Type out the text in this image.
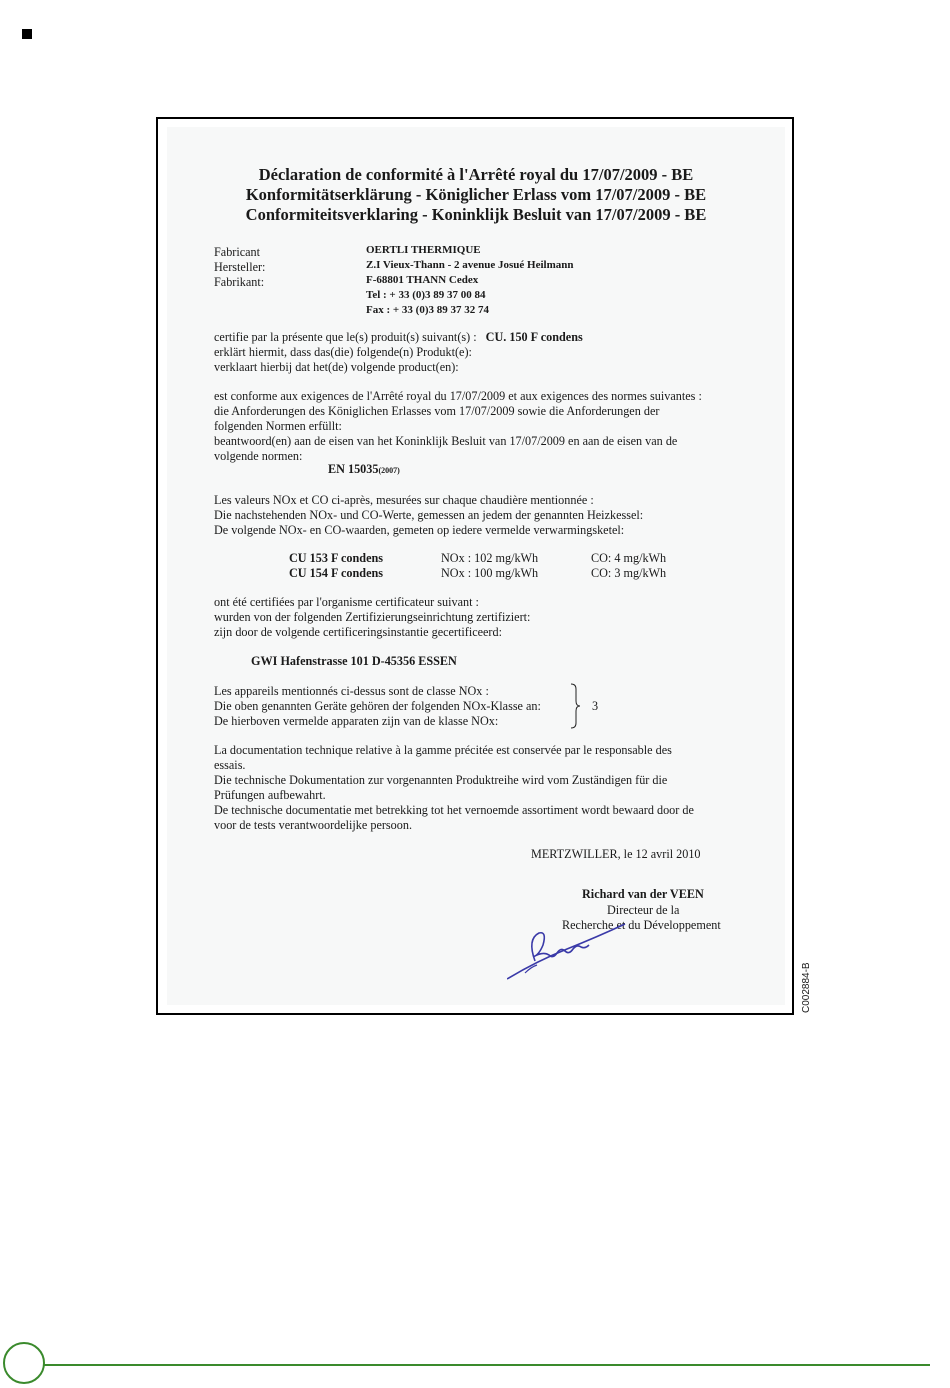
Déclaration de conformité à l'Arrêté royal du 17/07/2009 - BE
Konformitätserklärung - Königlicher Erlass vom 17/07/2009 - BE
Conformiteitsverklaring - Koninklijk Besluit van 17/07/2009 - BE
Fabricant
Hersteller:
Fabrikant:
OERTLI THERMIQUE
Z.I Vieux-Thann - 2 avenue Josué Heilmann
F-68801 THANN Cedex
Tel : + 33 (0)3 89 37 00 84
Fax : + 33 (0)3 89 37 32 74
certifie par la présente que le(s) produit(s) suivant(s) : CU. 150 F condens
erklärt hiermit, dass das(die) folgende(n) Produkt(e):
verklaart hierbij dat het(de) volgende product(en):
est conforme aux exigences de l'Arrêté royal du 17/07/2009 et aux exigences des normes suivantes :
die Anforderungen des Königlichen Erlasses vom 17/07/2009 sowie die Anforderungen der
folgenden Normen erfüllt:
beantwoord(en) aan de eisen van het Koninklijk Besluit van 17/07/2009 en aan de eisen van de
volgende normen:
EN 15035(2007)
Les valeurs NOx et CO ci-après, mesurées sur chaque chaudière mentionnée :
Die nachstehenden NOx- und CO-Werte, gemessen an jedem der genannten Heizkessel:
De volgende NOx- en CO-waarden, gemeten op iedere vermelde verwarmingsketel:
CU 153 F condens	NOx : 102 mg/kWh	CO: 4 mg/kWh
CU 154 F condens	NOx : 100 mg/kWh	CO: 3 mg/kWh
ont été certifiées par l'organisme certificateur suivant :
wurden von der folgenden Zertifizierungseinrichtung zertifiziert:
zijn door de volgende certificeringsinstantie gecertificeerd:
GWI Hafenstrasse 101 D-45356 ESSEN
Les appareils mentionnés ci-dessus sont de classe NOx :
Die oben genannten Geräte gehören der folgenden NOx-Klasse an:
De hierboven vermelde apparaten zijn van de klasse NOx:
3
La documentation technique relative à la gamme précitée est conservée par le responsable des
essais.
Die technische Dokumentation zur vorgenannten Produktreihe wird vom Zuständigen für die
Prüfungen aufbewahrt.
De technische documentatie met betrekking tot het vernoemde assortiment wordt bewaard door de
voor de tests verantwoordelijke persoon.
MERTZWILLER, le 12 avril 2010
Richard van der VEEN
Directeur de la
Recherche et du Développement
C002884-B
